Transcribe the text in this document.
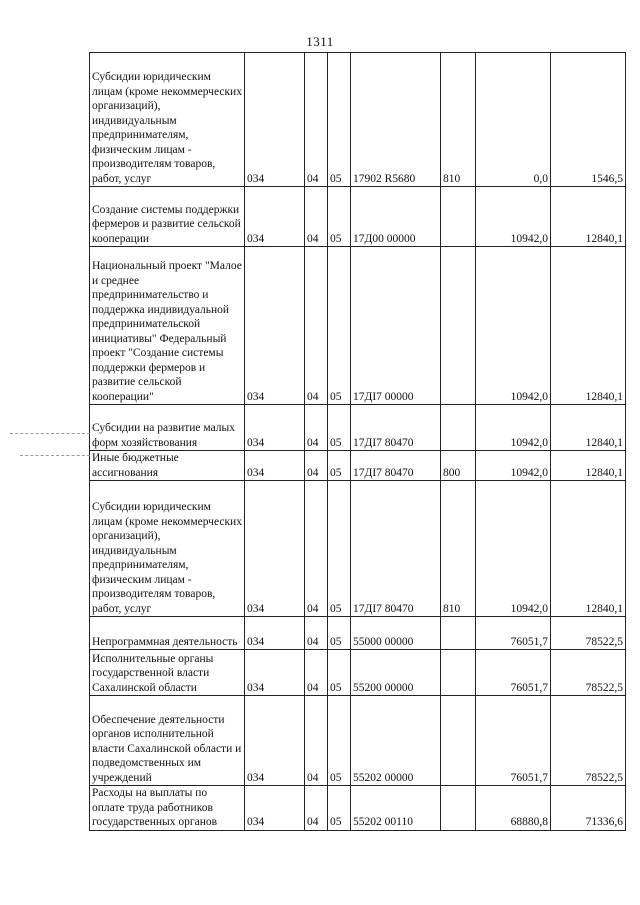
1311
Субсидии юридическим лицам (кроме некоммерческих организаций), индивидуальным предпринимателям, физическим лицам - производителям товаров, работ, услуг	034	04	05	17902 R5680	810	0,0	1546,5
Создание системы поддержки фермеров и развитие сельской кооперации	034	04	05	17Д00 00000		10942,0	12840,1
Национальный проект "Малое и среднее предпринимательство и поддержка индивидуальной предпринимательской инициативы" Федеральный проект "Создание системы поддержки фермеров и развитие сельской кооперации"	034	04	05	17ДI7 00000		10942,0	12840,1
Субсидии на развитие малых форм хозяйствования	034	04	05	17ДI7 80470		10942,0	12840,1
Иные бюджетные ассигнования	034	04	05	17ДI7 80470	800	10942,0	12840,1
Субсидии юридическим лицам (кроме некоммерческих организаций), индивидуальным предпринимателям, физическим лицам - производителям товаров, работ, услуг	034	04	05	17ДI7 80470	810	10942,0	12840,1
Непрограммная деятельность	034	04	05	55000 00000		76051,7	78522,5
Исполнительные органы государственной власти Сахалинской области	034	04	05	55200 00000		76051,7	78522,5
Обеспечение деятельности органов исполнительной власти Сахалинской области и подведомственных им учреждений	034	04	05	55202 00000		76051,7	78522,5
Расходы на выплаты по оплате труда работников государственных органов	034	04	05	55202 00110		68880,8	71336,6
